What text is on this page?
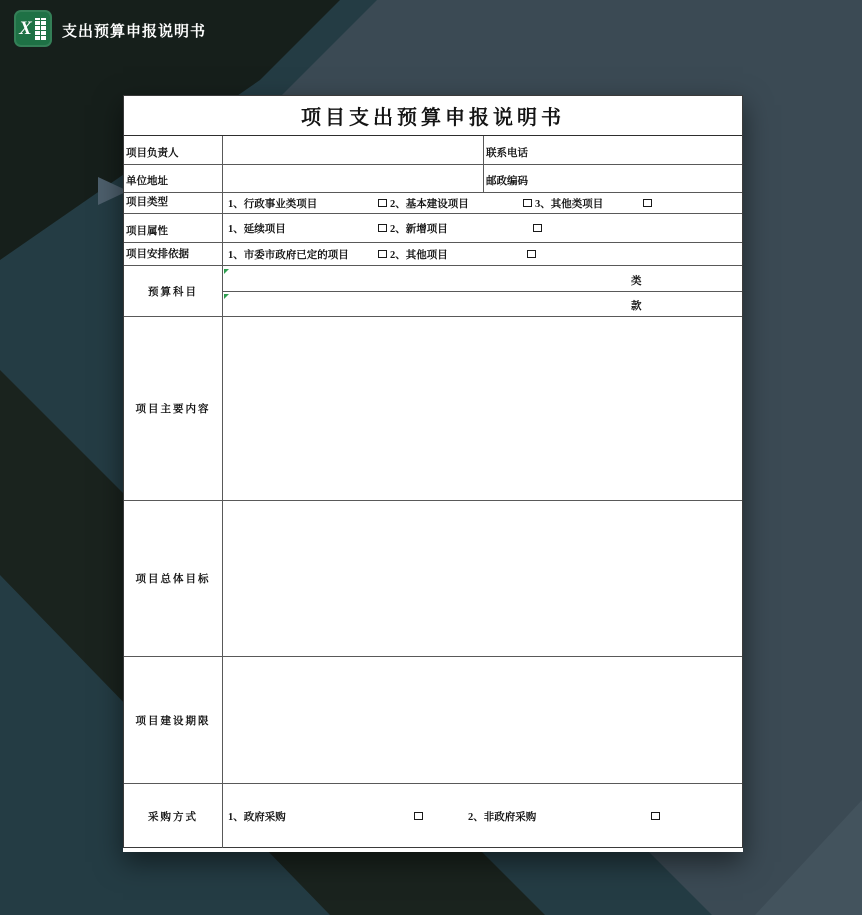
X 支出预算申报说明书
项目支出预算申报说明书
项目负责人	联系电话
单位地址	邮政编码
项目类型	1、行政事业类项目	2、基本建设项目	3、其他类项目
项目属性	1、延续项目	2、新增项目
项目安排依据	1、市委市政府已定的项目	2、其他项目
预算科目
类
款
项目主要内容
项目总体目标
项目建设期限
采购方式	1、政府采购	2、非政府采购
